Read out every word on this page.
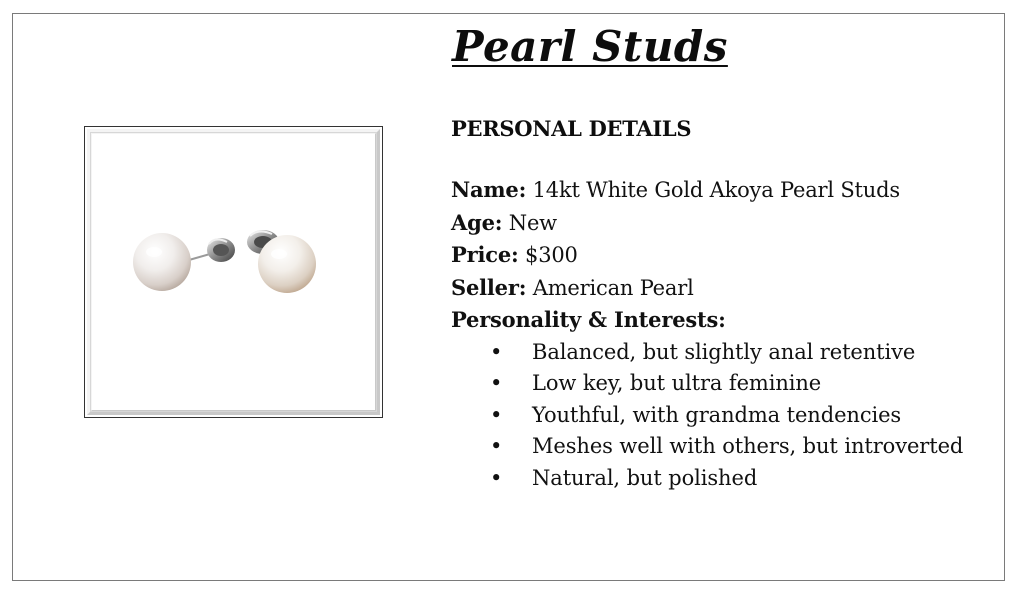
Pearl Studs
PERSONAL DETAILS
Name: 14kt White Gold Akoya Pearl Studs
Age: New
Price: $300
Seller: American Pearl
Personality & Interests:
• Balanced, but slightly anal retentive
• Low key, but ultra feminine
• Youthful, with grandma tendencies
• Meshes well with others, but introverted
• Natural, but polished
